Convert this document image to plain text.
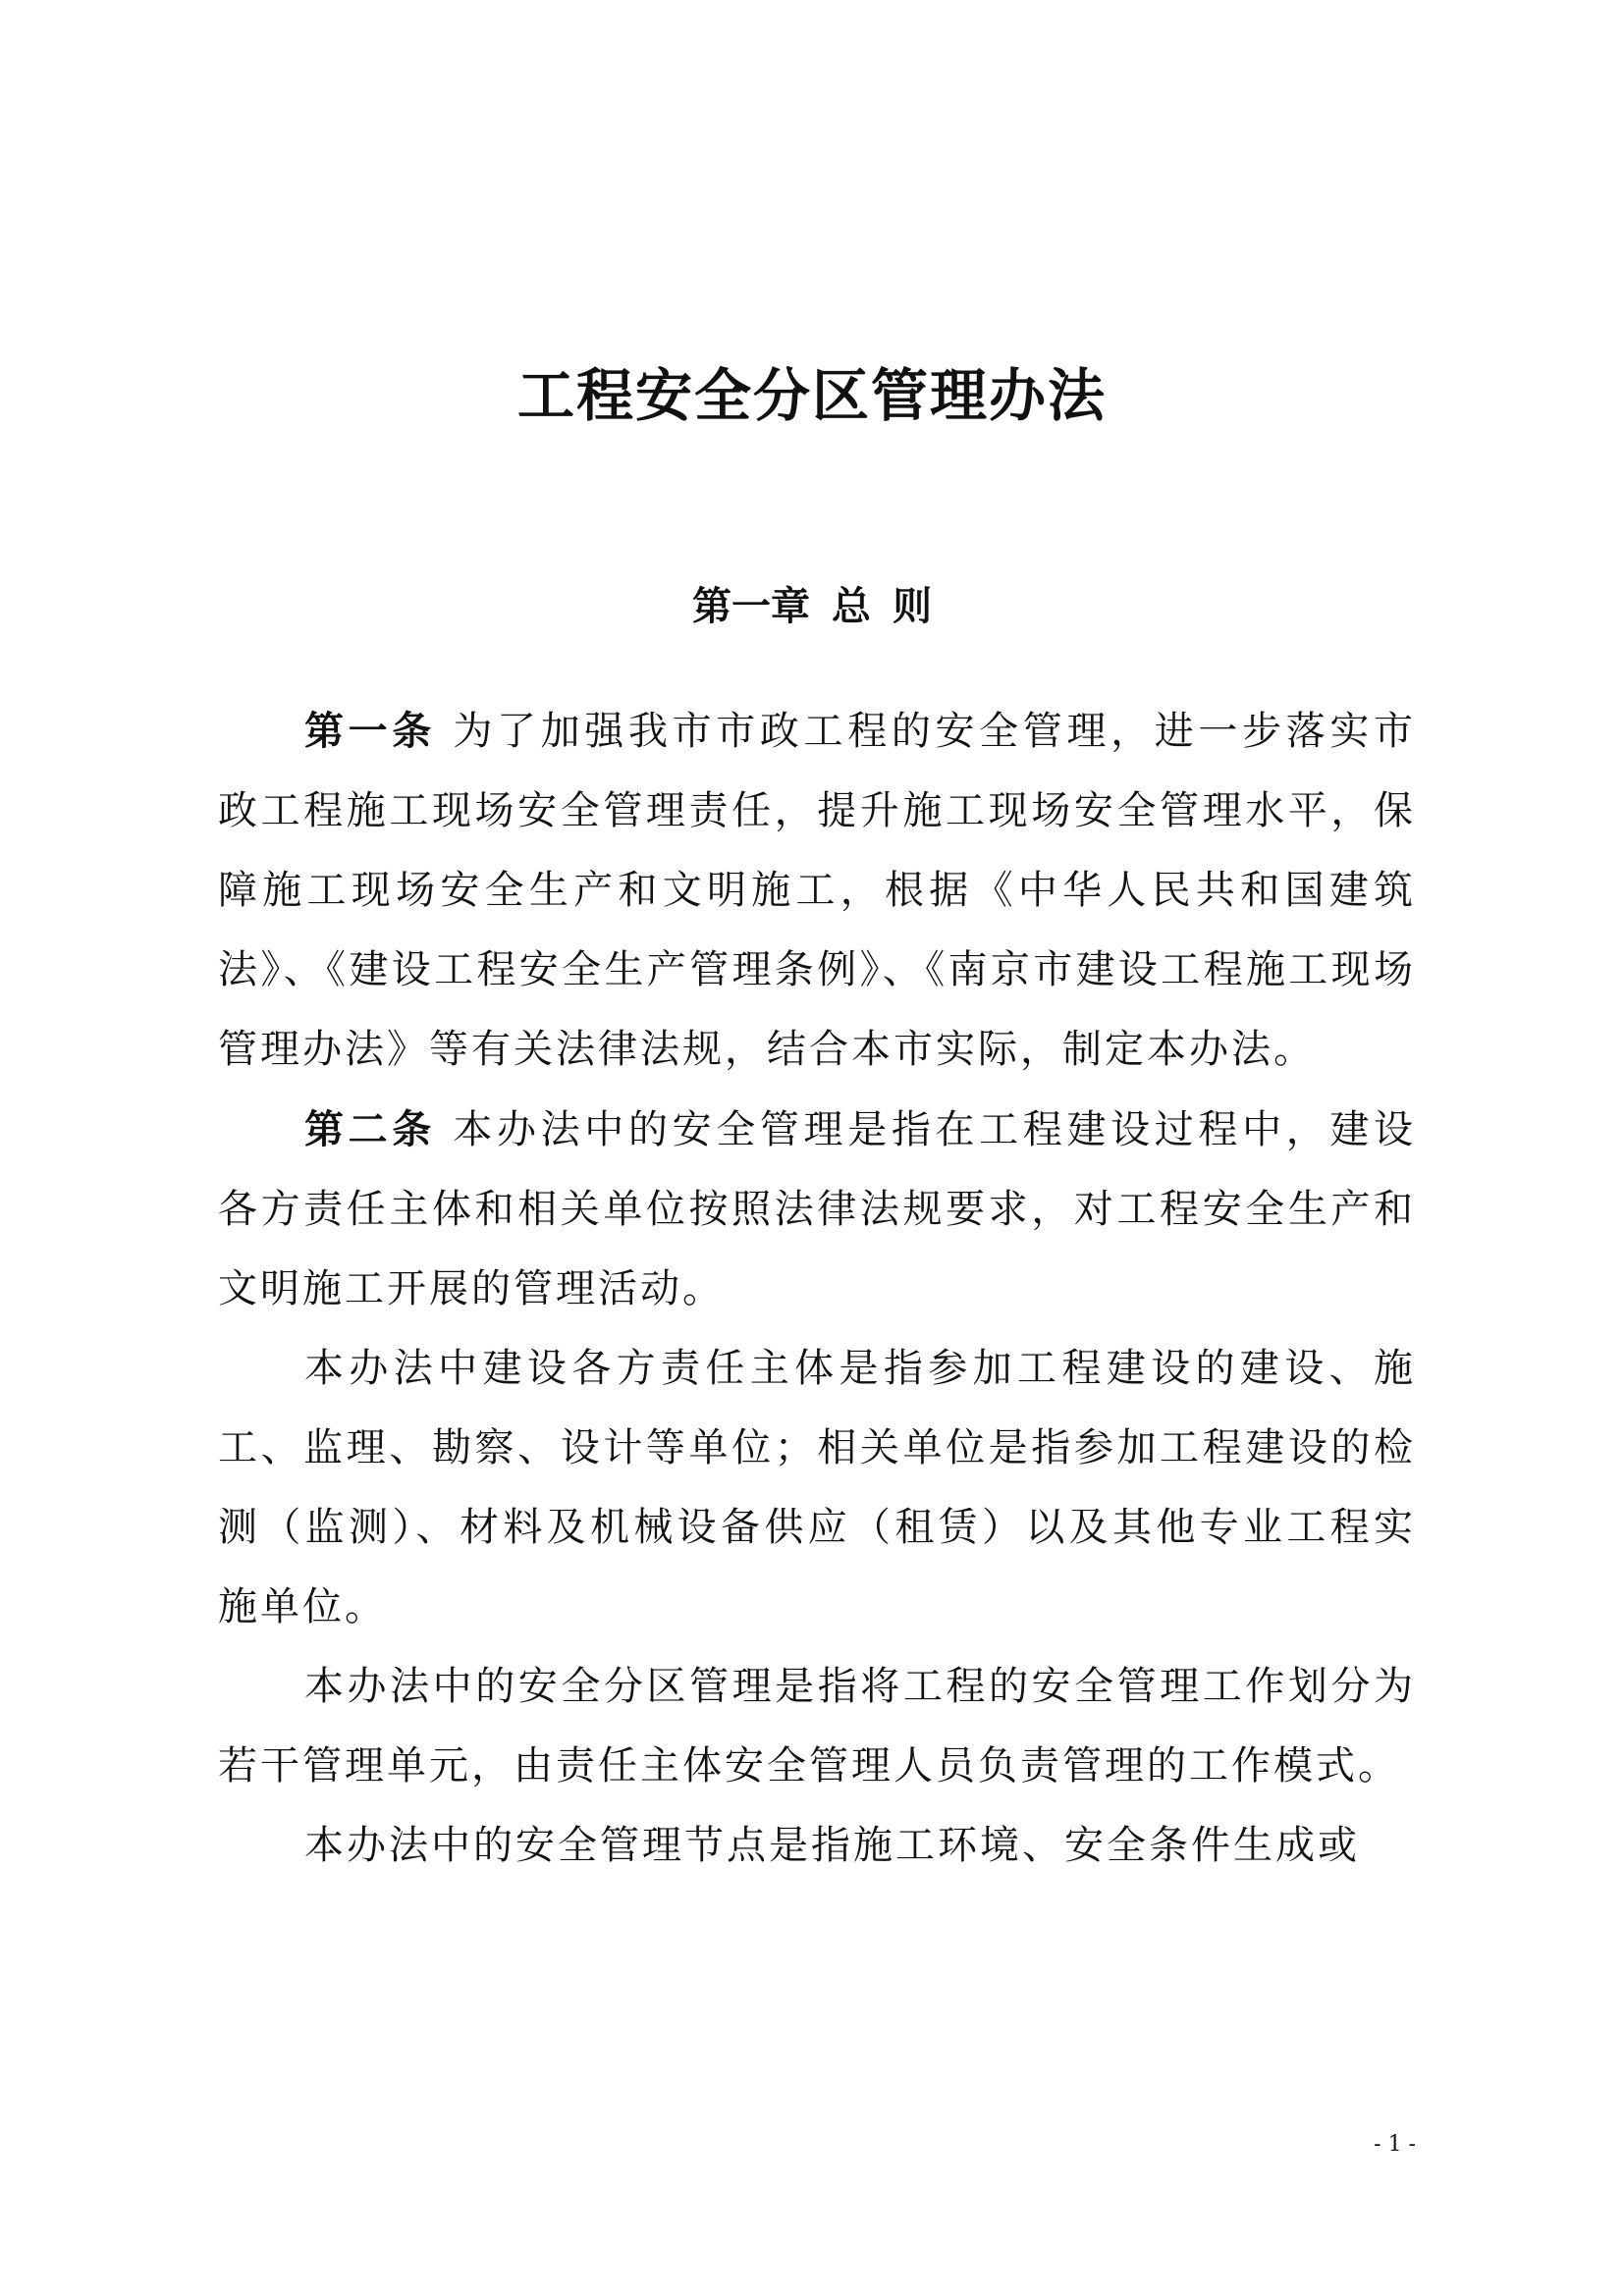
工程安全分区管理办法
第一章 总 则

第一条 为了加强我市市政工程的安全管理，进一步落实市政工程施工现场安全管理责任，提升施工现场安全管理水平，保障施工现场安全生产和文明施工，根据《中华人民共和国建筑法》、《建设工程安全生产管理条例》、《南京市建设工程施工现场管理办法》等有关法律法规，结合本市实际，制定本办法。

第二条 本办法中的安全管理是指在工程建设过程中，建设各方责任主体和相关单位按照法律法规要求，对工程安全生产和文明施工开展的管理活动。

本办法中建设各方责任主体是指参加工程建设的建设、施工、监理、勘察、设计等单位；相关单位是指参加工程建设的检测（监测）、材料及机械设备供应（租赁）以及其他专业工程实施单位。

本办法中的安全分区管理是指将工程的安全管理工作划分为若干管理单元，由责任主体安全管理人员负责管理的工作模式。

本办法中的安全管理节点是指施工环境、安全条件生成或

- 1 -
